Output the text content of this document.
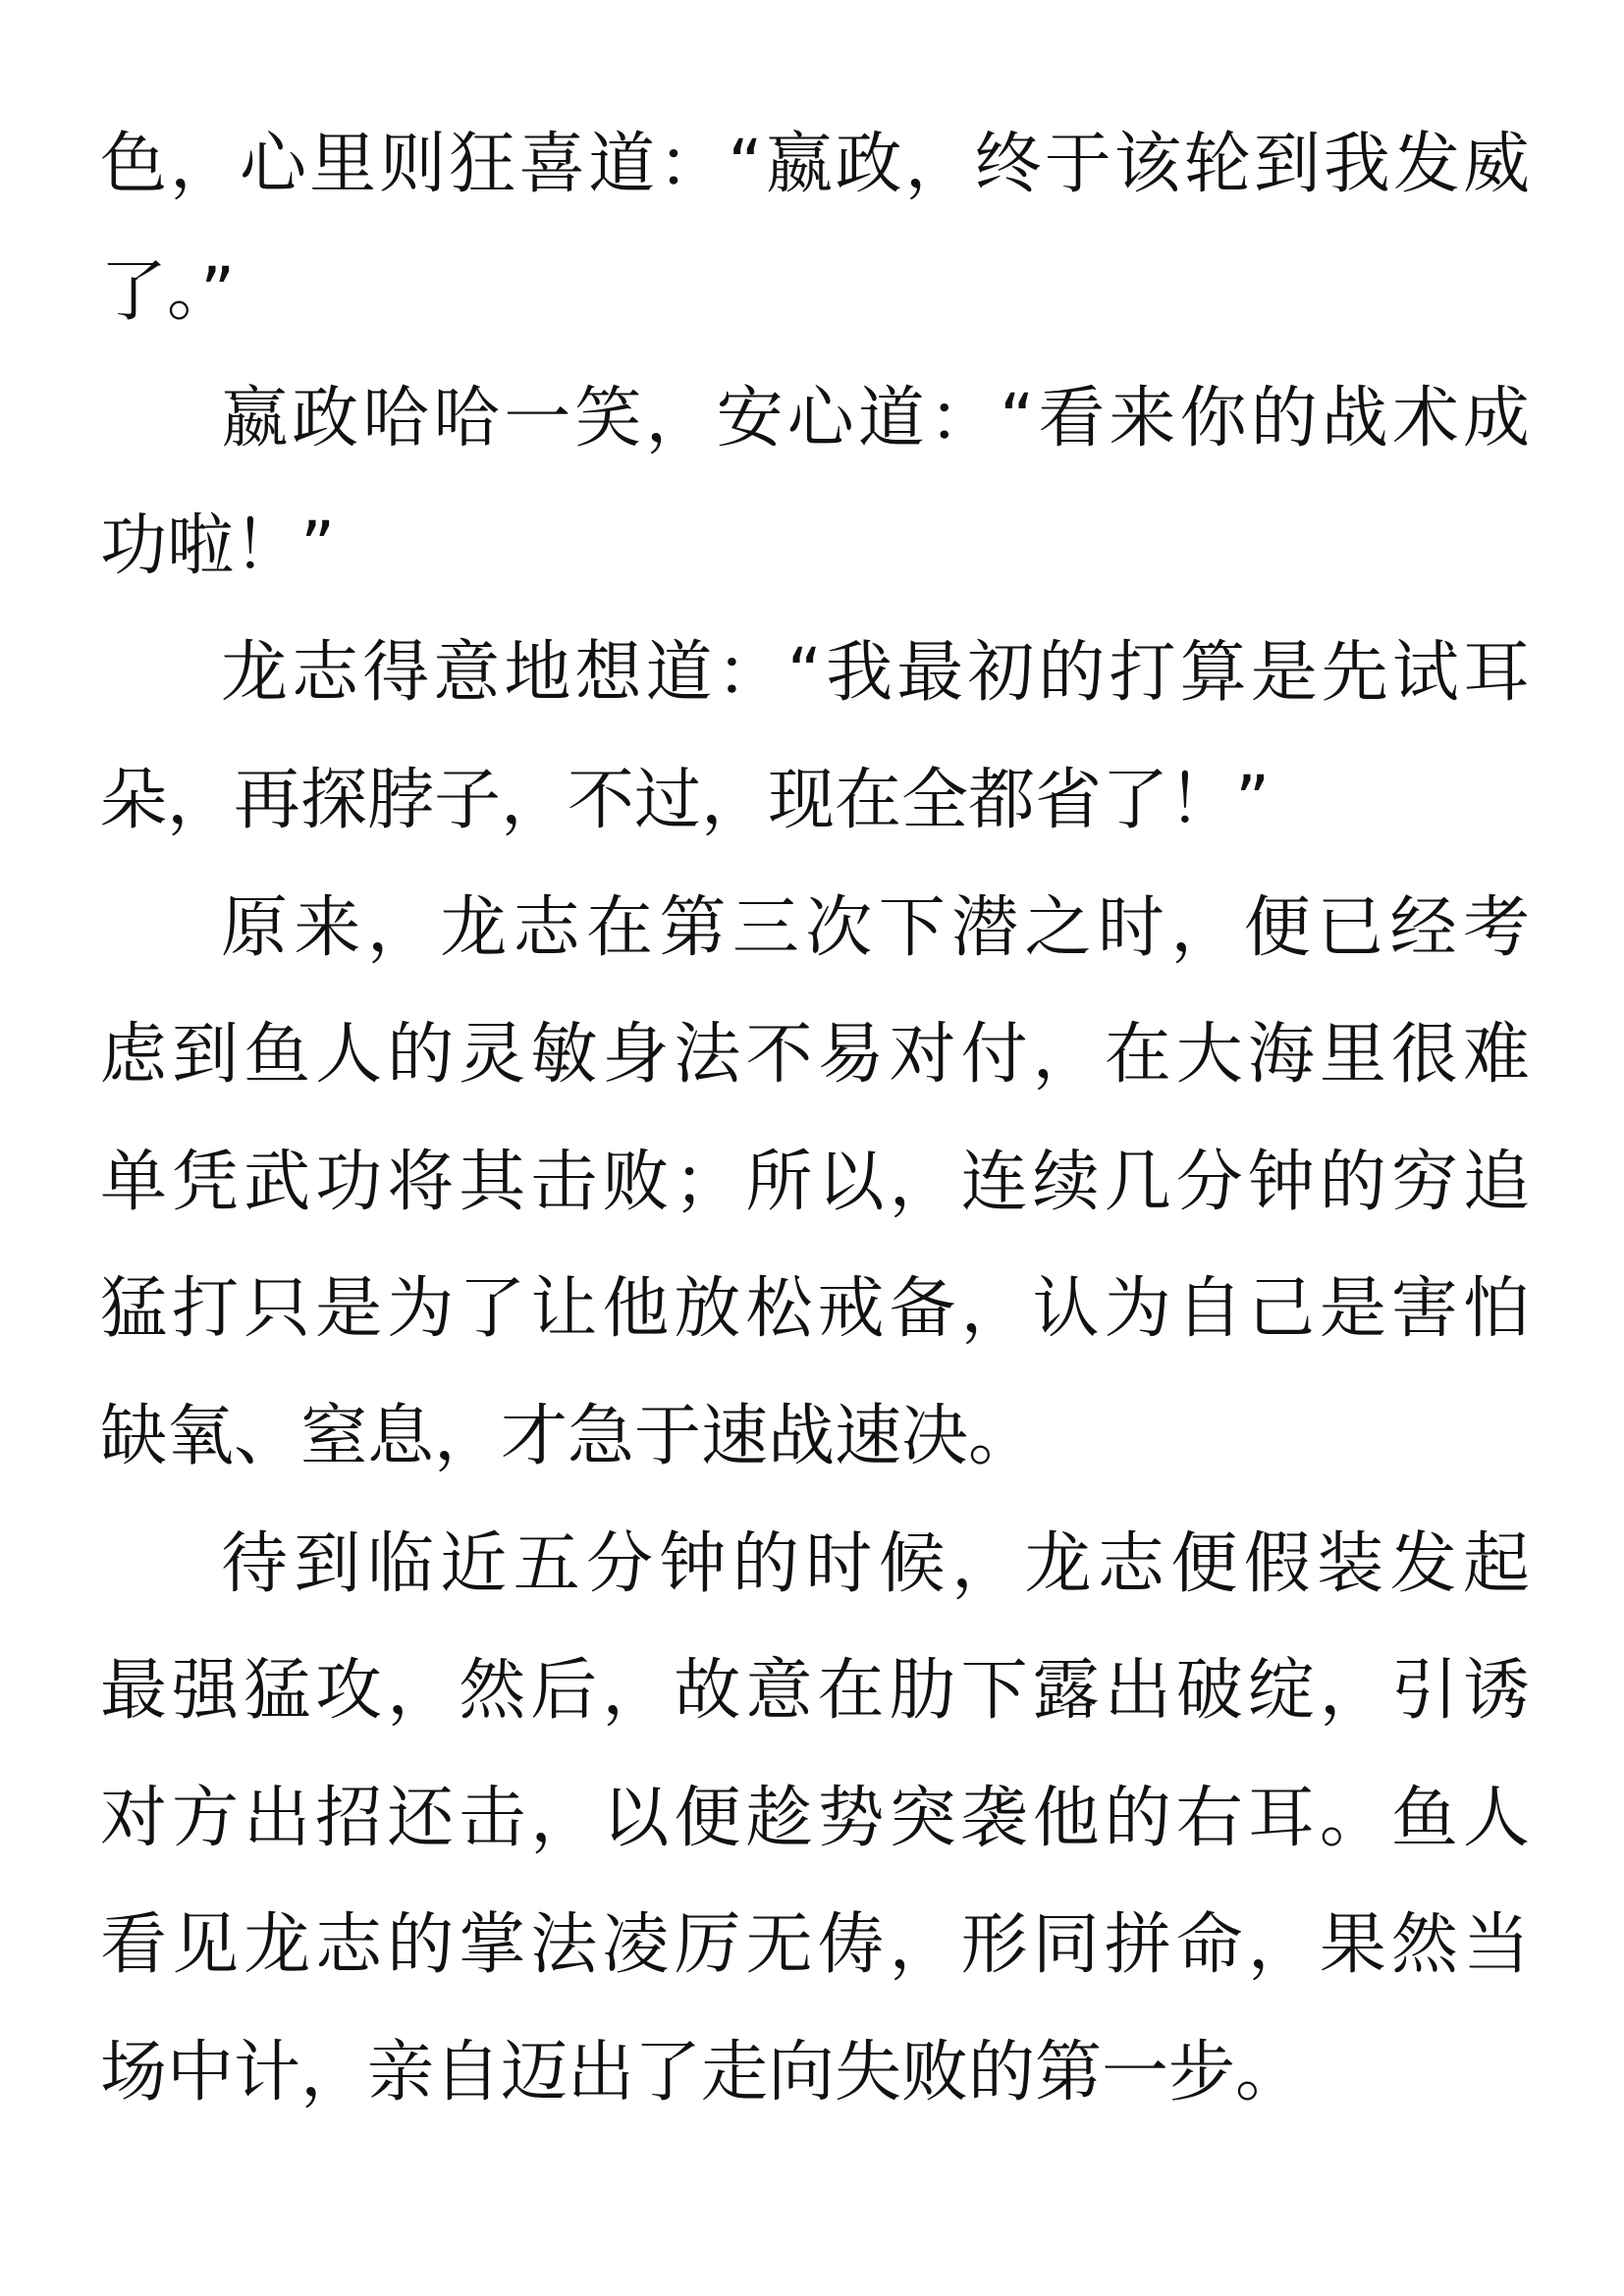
色，心里则狂喜道：“嬴政，终于该轮到我发威
了。”
嬴政哈哈一笑，安心道：“看来你的战术成
功啦！”
龙志得意地想道：“我最初的打算是先试耳
朵，再探脖子，不过，现在全都省了！”
原来，龙志在第三次下潜之时，便已经考
虑到鱼人的灵敏身法不易对付，在大海里很难
单凭武功将其击败；所以，连续几分钟的穷追
猛打只是为了让他放松戒备，认为自己是害怕
缺氧、窒息，才急于速战速决。
待到临近五分钟的时候，龙志便假装发起
最强猛攻，然后，故意在肋下露出破绽，引诱
对方出招还击，以便趁势突袭他的右耳。鱼人
看见龙志的掌法凌厉无俦，形同拼命，果然当
场中计，亲自迈出了走向失败的第一步。
